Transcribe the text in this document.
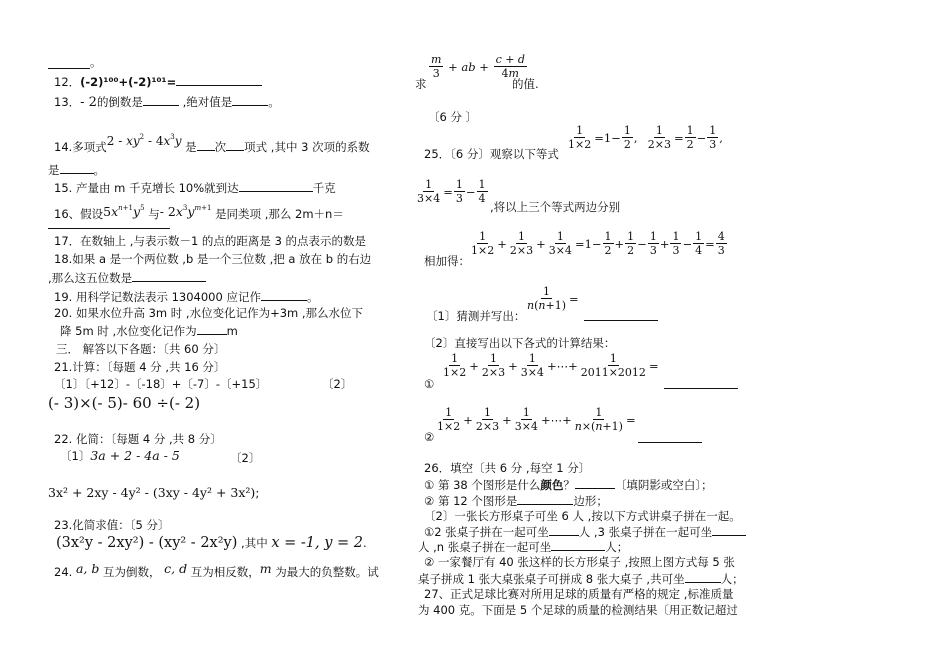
。
12．(-2)¹⁰⁰+(-2)¹⁰¹=
13．- 2的倒数是	,绝对值是	。
14.多项式$2 - xy^2 - 4x^3y$ 是 次 项式 ,其中 3 次项的系数
是	。
15. 产量由 m 千克增长 10%就到达	千克
16、假设$5x^{n+1}y^5$ 与- $2x^3y^{m+1}$ 是同类项 ,那么 2m＋n＝
17．在数轴上 ,与表示数－1 的点的距离是 3 的点表示的数是
18.如果 a 是一个两位数 ,b 是一个三位数 ,把 a 放在 b 的右边
,那么这五位数是
19. 用科学记数法表示 1304000 应记作	。
20. 如果水位升高 3m 时 ,水位变化记作为+3m ,那么水位下
降 5m 时 ,水位变化记作为	m
三． 解答以下各题：〔共 60 分〕
21.计算：〔每题 4 分 ,共 16 分〕
〔1〕〔+12〕-〔-18〕+〔-7〕-〔+15〕	〔2〕
(- 3)×(- 5)- 60 ÷(- 2)
22. 化简：〔每题 4 分 ,共 8 分〕
〔1〕3a + 2 - 4a - 5	〔2〕
3x² + 2xy - 4y² - (3xy - 4y² + 3x²);
23.化简求值：〔5 分〕
(3x²y - 2xy²) - (xy² - 2x²y) ,其中 x = -1, y = 2.
24. a, b 互为倒数， c, d 互为相反数，m 为最大的负整数。试
求
$\frac{m}{3}$ + ab + $\frac{c + d}{4m}$
的值.
〔6 分 〕
25．〔6 分〕观察以下等式
$\frac{1}{1\times 2} =1- \frac{1}{2}$ , $\frac{1}{2\times 3} = \frac{1}{2} - \frac{1}{3}$ ,
$\frac{1}{3\times 4} = \frac{1}{3} - \frac{1}{4}$
,将以上三个等式两边分别
相加得：
$\frac{1}{1\times 2} + \frac{1}{2\times 3} + \frac{1}{3\times 4} =1- \frac{1}{2} + \frac{1}{2} - \frac{1}{3} + \frac{1}{3} - \frac{1}{4} = \frac{4}{3}$
〔1〕猜测并写出：
$\frac{1}{n(n+1)}$ =
〔2〕直接写出以下各式的计算结果：
①
$\frac{1}{1\times 2} + \frac{1}{2\times 3} + \frac{1}{3\times 4}$ +⋯+ $\frac{1}{2011\times 2012}$ =
②
$\frac{1}{1\times 2} + \frac{1}{2\times 3} + \frac{1}{3\times 4}$ +⋯+ $\frac{1}{n\times(n+1)}$ =
26．填空〔共 6 分 ,每空 1 分〕
① 第 38 个图形是什么颜色？	〔填阴影或空白〕；
② 第 12 个图形是	边形；
〔2〕一张长方形桌子可坐 6 人 ,按以下方式讲桌子拼在一起。
①2 张桌子拼在一起可坐	人 ,3 张桌子拼在一起可坐
人 ,n 张桌子拼在一起可坐	人；
② 一家餐厅有 40 张这样的长方形桌子 ,按照上图方式每 5 张
桌子拼成 1 张大桌张桌子可拼成 8 张大桌子 ,共可坐	人；
27、正式足球比赛对所用足球的质量有严格的规定 ,标准质量
为 400 克。下面是 5 个足球的质量的检测结果〔用正数记超过
